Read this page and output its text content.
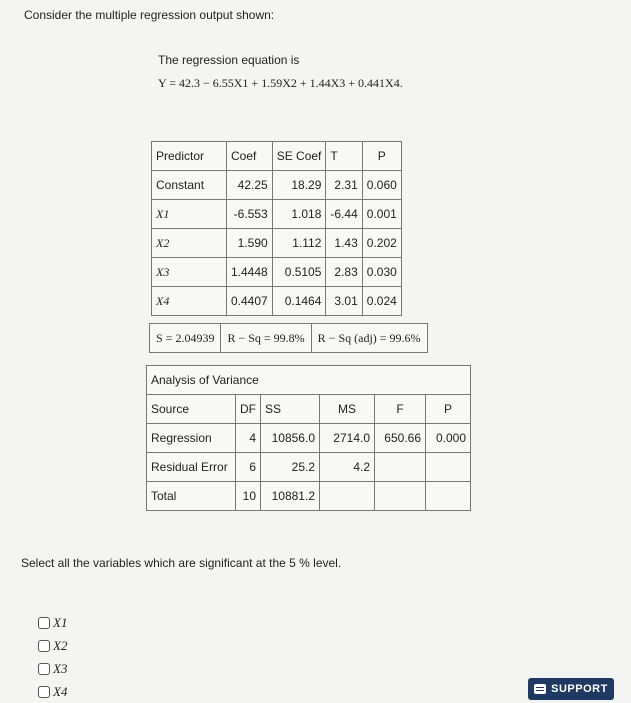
Consider the multiple regression output shown:
The regression equation is
Y = 42.3 − 6.55X1 + 1.59X2 + 1.44X3 + 0.441X4.
Predictor	Coef	SE Coef	T	P
Constant	42.25	18.29	2.31	0.060
X1	-6.553	1.018	-6.44	0.001
X2	1.590	1.112	1.43	0.202
X3	1.4448	0.5105	2.83	0.030
X4	0.4407	0.1464	3.01	0.024
S = 2.04939	R − Sq = 99.8%	R − Sq (adj) = 99.6%
Analysis of Variance					
Source	DF	SS	MS	F	P
Regression	4	10856.0	2714.0	650.66	0.000
Residual Error	6	25.2	4.2		
Total	10	10881.2			
Select all the variables which are significant at the 5 % level.
X1
X2
X3
X4	SUPPORT
